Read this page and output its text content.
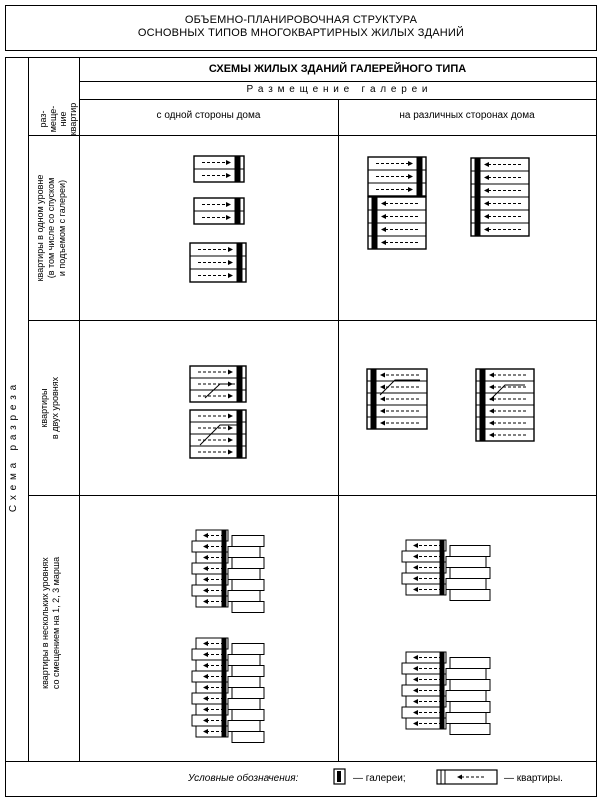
ОБЪЕМНО-ПЛАНИРОВОЧНАЯ СТРУКТУРА
ОСНОВНЫХ ТИПОВ МНОГОКВАРТИРНЫХ ЖИЛЫХ ЗДАНИЙ
СХЕМЫ ЖИЛЫХ ЗДАНИЙ ГАЛЕРЕЙНОГО ТИПА
Р а з м е щ е н и е   г а л е р е и
с одной стороны дома	на различных сторонах дома
раз-
меще-
ние
квартир
С х е м а   р а з р е з а
квартиры в одном уровне
(в том числе со спуском
и подъемом с галереи)
квартиры
в двух уровнях
квартиры в нескольких уровнях
со смещением на 1, 2, 3 марша
Условные обозначения:	— галереи;	— квартиры.
